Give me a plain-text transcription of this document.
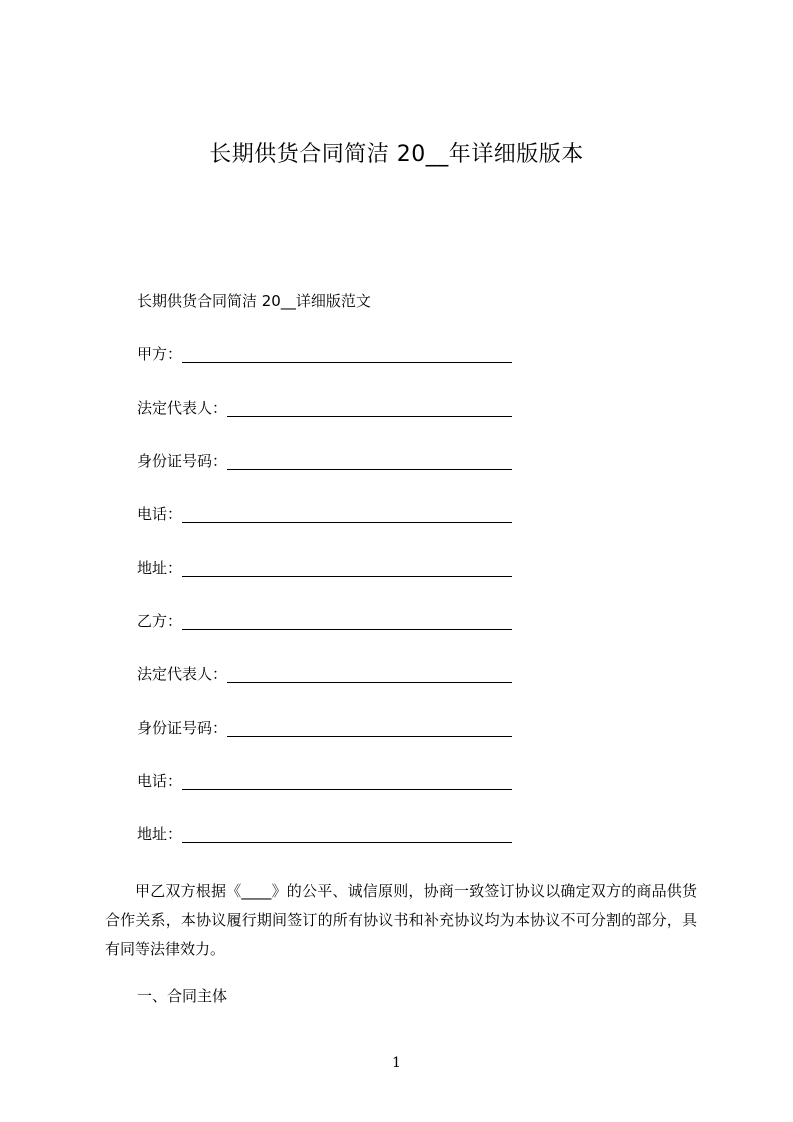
长期供货合同简洁 20__年详细版版本
长期供货合同简洁 20__详细版范文
甲方：
法定代表人：
身份证号码：
电话：
地址：
乙方：
法定代表人：
身份证号码：
电话：
地址：
甲乙双方根据《____》的公平、诚信原则，协商一致签订协议以确定双方的商品供货合作关系，本协议履行期间签订的所有协议书和补充协议均为本协议不可分割的部分，具有同等法律效力。
一、合同主体
1
